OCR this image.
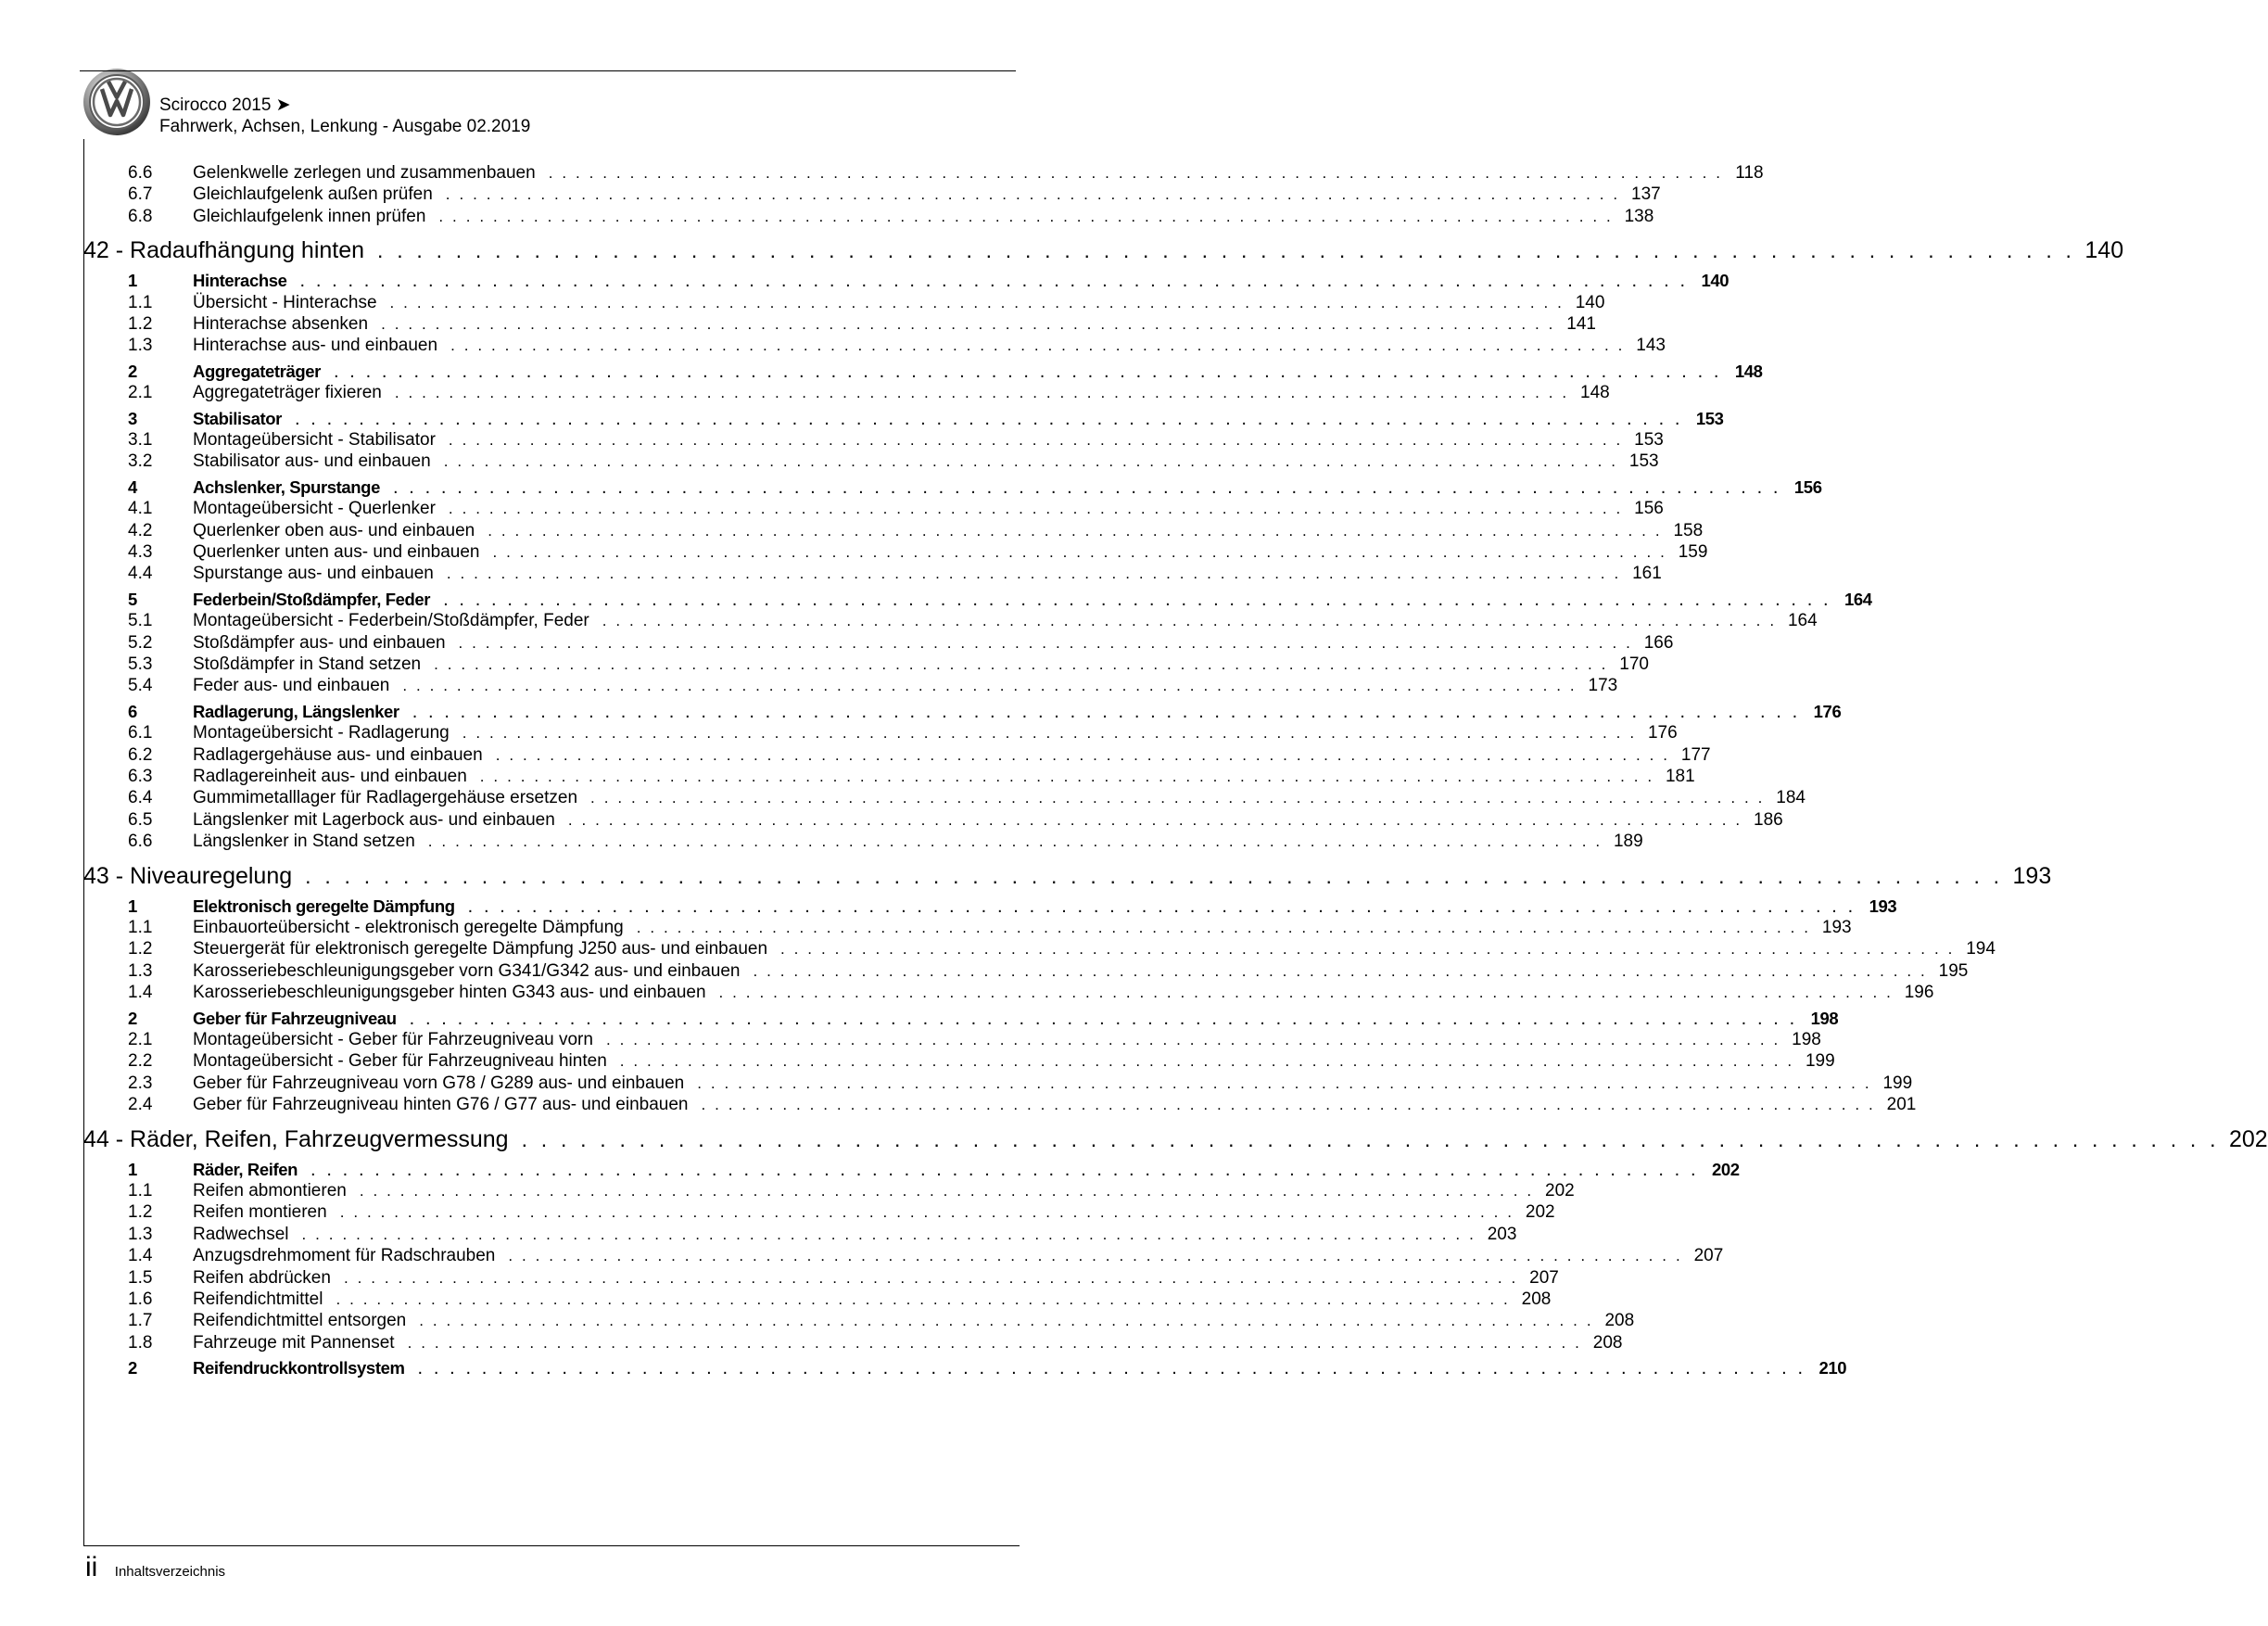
Scirocco 2015 ➤
Fahrwerk, Achsen, Lenkung - Ausgabe 02.2019
6.6 Gelenkwelle zerlegen und zusammenbauen . . . . . . . . . . . . . . . . . . . . . . . . . . . . . . . . . . . . . . . . . . . . . . . . . . . . . . . . . . . . . . . . . . . . . . . . . . . . . . . . . . . . . . . 118
6.7 Gleichlaufgelenk außen prüfen . . . . . . . . . . . . . . . . . . . . . . . . . . . . . . . . . . . . . . . . . . . . . . . . . . . . . . . . . . . . . . . . . . . . . . . . . . . . . . . . . . . . . . . 137
6.8 Gleichlaufgelenk innen prüfen . . . . . . . . . . . . . . . . . . . . . . . . . . . . . . . . . . . . . . . . . . . . . . . . . . . . . . . . . . . . . . . . . . . . . . . . . . . . . . . . . . . . . . . 138
42 - Radaufhängung hinten . . . . . . . . . . . . . . . . . . . . . . . . . . . . . . . . . . . . . . . . . . . . . . . . . . . . . . . . . . . . . . . . . . . . . . . . . . . . . . . . . . . . . . . 140
1	Hinterachse . . . . . . . . . . . . . . . . . . . . . . . . . . . . . . . . . . . . . . . . . . . . . . . . . . . . . . . . . . . . . . . . . . . . . . . . . . . . . . . . . . . . . . . 140
1.1 Übersicht - Hinterachse . . . . . . . . . . . . . . . . . . . . . . . . . . . . . . . . . . . . . . . . . . . . . . . . . . . . . . . . . . . . . . . . . . . . . . . . . . . . . . . . . . . . . . . 140
1.2 Hinterachse absenken . . . . . . . . . . . . . . . . . . . . . . . . . . . . . . . . . . . . . . . . . . . . . . . . . . . . . . . . . . . . . . . . . . . . . . . . . . . . . . . . . . . . . . . 141
1.3 Hinterachse aus- und einbauen . . . . . . . . . . . . . . . . . . . . . . . . . . . . . . . . . . . . . . . . . . . . . . . . . . . . . . . . . . . . . . . . . . . . . . . . . . . . . . . . . . . . . . . 143
2	Aggregateträger . . . . . . . . . . . . . . . . . . . . . . . . . . . . . . . . . . . . . . . . . . . . . . . . . . . . . . . . . . . . . . . . . . . . . . . . . . . . . . . . . . . . . . . 148
2.1 Aggregateträger fixieren . . . . . . . . . . . . . . . . . . . . . . . . . . . . . . . . . . . . . . . . . . . . . . . . . . . . . . . . . . . . . . . . . . . . . . . . . . . . . . . . . . . . . . . 148
3	Stabilisator . . . . . . . . . . . . . . . . . . . . . . . . . . . . . . . . . . . . . . . . . . . . . . . . . . . . . . . . . . . . . . . . . . . . . . . . . . . . . . . . . . . . . . . 153
3.1 Montageübersicht - Stabilisator . . . . . . . . . . . . . . . . . . . . . . . . . . . . . . . . . . . . . . . . . . . . . . . . . . . . . . . . . . . . . . . . . . . . . . . . . . . . . . . . . . . . . . . 153
3.2 Stabilisator aus- und einbauen . . . . . . . . . . . . . . . . . . . . . . . . . . . . . . . . . . . . . . . . . . . . . . . . . . . . . . . . . . . . . . . . . . . . . . . . . . . . . . . . . . . . . . . 153
4	Achslenker, Spurstange . . . . . . . . . . . . . . . . . . . . . . . . . . . . . . . . . . . . . . . . . . . . . . . . . . . . . . . . . . . . . . . . . . . . . . . . . . . . . . . . . . . . . . . 156
4.1 Montageübersicht - Querlenker . . . . . . . . . . . . . . . . . . . . . . . . . . . . . . . . . . . . . . . . . . . . . . . . . . . . . . . . . . . . . . . . . . . . . . . . . . . . . . . . . . . . . . . 156
4.2 Querlenker oben aus- und einbauen . . . . . . . . . . . . . . . . . . . . . . . . . . . . . . . . . . . . . . . . . . . . . . . . . . . . . . . . . . . . . . . . . . . . . . . . . . . . . . . . . . . . . . . 158
4.3 Querlenker unten aus- und einbauen . . . . . . . . . . . . . . . . . . . . . . . . . . . . . . . . . . . . . . . . . . . . . . . . . . . . . . . . . . . . . . . . . . . . . . . . . . . . . . . . . . . . . . . 159
4.4 Spurstange aus- und einbauen . . . . . . . . . . . . . . . . . . . . . . . . . . . . . . . . . . . . . . . . . . . . . . . . . . . . . . . . . . . . . . . . . . . . . . . . . . . . . . . . . . . . . . . 161
5	Federbein/Stoßdämpfer, Feder . . . . . . . . . . . . . . . . . . . . . . . . . . . . . . . . . . . . . . . . . . . . . . . . . . . . . . . . . . . . . . . . . . . . . . . . . . . . . . . . . . . . . . . 164
5.1 Montageübersicht - Federbein/Stoßdämpfer, Feder . . . . . . . . . . . . . . . . . . . . . . . . . . . . . . . . . . . . . . . . . . . . . . . . . . . . . . . . . . . . . . . . . . . . . . . . . . . . . . . . . . . . . . . 164
5.2 Stoßdämpfer aus- und einbauen . . . . . . . . . . . . . . . . . . . . . . . . . . . . . . . . . . . . . . . . . . . . . . . . . . . . . . . . . . . . . . . . . . . . . . . . . . . . . . . . . . . . . . . 166
5.3 Stoßdämpfer in Stand setzen . . . . . . . . . . . . . . . . . . . . . . . . . . . . . . . . . . . . . . . . . . . . . . . . . . . . . . . . . . . . . . . . . . . . . . . . . . . . . . . . . . . . . . . 170
5.4 Feder aus- und einbauen . . . . . . . . . . . . . . . . . . . . . . . . . . . . . . . . . . . . . . . . . . . . . . . . . . . . . . . . . . . . . . . . . . . . . . . . . . . . . . . . . . . . . . . 173
6	Radlagerung, Längslenker . . . . . . . . . . . . . . . . . . . . . . . . . . . . . . . . . . . . . . . . . . . . . . . . . . . . . . . . . . . . . . . . . . . . . . . . . . . . . . . . . . . . . . . 176
6.1 Montageübersicht - Radlagerung . . . . . . . . . . . . . . . . . . . . . . . . . . . . . . . . . . . . . . . . . . . . . . . . . . . . . . . . . . . . . . . . . . . . . . . . . . . . . . . . . . . . . . . 176
6.2 Radlagergehäuse aus- und einbauen . . . . . . . . . . . . . . . . . . . . . . . . . . . . . . . . . . . . . . . . . . . . . . . . . . . . . . . . . . . . . . . . . . . . . . . . . . . . . . . . . . . . . . . 177
6.3 Radlagereinheit aus- und einbauen . . . . . . . . . . . . . . . . . . . . . . . . . . . . . . . . . . . . . . . . . . . . . . . . . . . . . . . . . . . . . . . . . . . . . . . . . . . . . . . . . . . . . . . 181
6.4 Gummimetalllager für Radlagergehäuse ersetzen . . . . . . . . . . . . . . . . . . . . . . . . . . . . . . . . . . . . . . . . . . . . . . . . . . . . . . . . . . . . . . . . . . . . . . . . . . . . . . . . . . . . . . . 184
6.5 Längslenker mit Lagerbock aus- und einbauen . . . . . . . . . . . . . . . . . . . . . . . . . . . . . . . . . . . . . . . . . . . . . . . . . . . . . . . . . . . . . . . . . . . . . . . . . . . . . . . . . . . . . . . 186
6.6 Längslenker in Stand setzen . . . . . . . . . . . . . . . . . . . . . . . . . . . . . . . . . . . . . . . . . . . . . . . . . . . . . . . . . . . . . . . . . . . . . . . . . . . . . . . . . . . . . . . 189
43 - Niveauregelung . . . . . . . . . . . . . . . . . . . . . . . . . . . . . . . . . . . . . . . . . . . . . . . . . . . . . . . . . . . . . . . . . . . . . . . . . . . . . . . . . . . . . . . 193
1	Elektronisch geregelte Dämpfung . . . . . . . . . . . . . . . . . . . . . . . . . . . . . . . . . . . . . . . . . . . . . . . . . . . . . . . . . . . . . . . . . . . . . . . . . . . . . . . . . . . . . . . 193
1.1 Einbauorteübersicht - elektronisch geregelte Dämpfung . . . . . . . . . . . . . . . . . . . . . . . . . . . . . . . . . . . . . . . . . . . . . . . . . . . . . . . . . . . . . . . . . . . . . . . . . . . . . . . . . . . . . . . 193
1.2 Steuergerät für elektronisch geregelte Dämpfung J250 aus- und einbauen . . . . . . . . . . . . . . . . . . . . . . . . . . . . . . . . . . . . . . . . . . . . . . . . . . . . . . . . . . . . . . . . . . . . . . . . . . . . . . . . . . . . . . . 194
1.3 Karosseriebeschleunigungsgeber vorn G341/G342 aus- und einbauen . . . . . . . . . . . . . . . . . . . . . . . . . . . . . . . . . . . . . . . . . . . . . . . . . . . . . . . . . . . . . . . . . . . . . . . . . . . . . . . . . . . . . . . 195
1.4 Karosseriebeschleunigungsgeber hinten G343 aus- und einbauen . . . . . . . . . . . . . . . . . . . . . . . . . . . . . . . . . . . . . . . . . . . . . . . . . . . . . . . . . . . . . . . . . . . . . . . . . . . . . . . . . . . . . . . 196
2	Geber für Fahrzeugniveau . . . . . . . . . . . . . . . . . . . . . . . . . . . . . . . . . . . . . . . . . . . . . . . . . . . . . . . . . . . . . . . . . . . . . . . . . . . . . . . . . . . . . . . 198
2.1 Montageübersicht - Geber für Fahrzeugniveau vorn . . . . . . . . . . . . . . . . . . . . . . . . . . . . . . . . . . . . . . . . . . . . . . . . . . . . . . . . . . . . . . . . . . . . . . . . . . . . . . . . . . . . . . . 198
2.2 Montageübersicht - Geber für Fahrzeugniveau hinten . . . . . . . . . . . . . . . . . . . . . . . . . . . . . . . . . . . . . . . . . . . . . . . . . . . . . . . . . . . . . . . . . . . . . . . . . . . . . . . . . . . . . . . 199
2.3 Geber für Fahrzeugniveau vorn G78 / G289 aus- und einbauen . . . . . . . . . . . . . . . . . . . . . . . . . . . . . . . . . . . . . . . . . . . . . . . . . . . . . . . . . . . . . . . . . . . . . . . . . . . . . . . . . . . . . . . 199
2.4 Geber für Fahrzeugniveau hinten G76 / G77 aus- und einbauen . . . . . . . . . . . . . . . . . . . . . . . . . . . . . . . . . . . . . . . . . . . . . . . . . . . . . . . . . . . . . . . . . . . . . . . . . . . . . . . . . . . . . . . 201
44 - Räder, Reifen, Fahrzeugvermessung . . . . . . . . . . . . . . . . . . . . . . . . . . . . . . . . . . . . . . . . . . . . . . . . . . . . . . . . . . . . . . . . . . . . . . . . . . . . . . . . . . . . . . . 202
1	Räder, Reifen . . . . . . . . . . . . . . . . . . . . . . . . . . . . . . . . . . . . . . . . . . . . . . . . . . . . . . . . . . . . . . . . . . . . . . . . . . . . . . . . . . . . . . . 202
1.1 Reifen abmontieren . . . . . . . . . . . . . . . . . . . . . . . . . . . . . . . . . . . . . . . . . . . . . . . . . . . . . . . . . . . . . . . . . . . . . . . . . . . . . . . . . . . . . . . 202
1.2 Reifen montieren . . . . . . . . . . . . . . . . . . . . . . . . . . . . . . . . . . . . . . . . . . . . . . . . . . . . . . . . . . . . . . . . . . . . . . . . . . . . . . . . . . . . . . . 202
1.3 Radwechsel . . . . . . . . . . . . . . . . . . . . . . . . . . . . . . . . . . . . . . . . . . . . . . . . . . . . . . . . . . . . . . . . . . . . . . . . . . . . . . . . . . . . . . . 203
1.4 Anzugsdrehmoment für Radschrauben . . . . . . . . . . . . . . . . . . . . . . . . . . . . . . . . . . . . . . . . . . . . . . . . . . . . . . . . . . . . . . . . . . . . . . . . . . . . . . . . . . . . . . . 207
1.5 Reifen abdrücken . . . . . . . . . . . . . . . . . . . . . . . . . . . . . . . . . . . . . . . . . . . . . . . . . . . . . . . . . . . . . . . . . . . . . . . . . . . . . . . . . . . . . . . 207
1.6 Reifendichtmittel . . . . . . . . . . . . . . . . . . . . . . . . . . . . . . . . . . . . . . . . . . . . . . . . . . . . . . . . . . . . . . . . . . . . . . . . . . . . . . . . . . . . . . . 208
1.7 Reifendichtmittel entsorgen . . . . . . . . . . . . . . . . . . . . . . . . . . . . . . . . . . . . . . . . . . . . . . . . . . . . . . . . . . . . . . . . . . . . . . . . . . . . . . . . . . . . . . . 208
1.8 Fahrzeuge mit Pannenset . . . . . . . . . . . . . . . . . . . . . . . . . . . . . . . . . . . . . . . . . . . . . . . . . . . . . . . . . . . . . . . . . . . . . . . . . . . . . . . . . . . . . . . 208
2	Reifendruckkontrollsystem . . . . . . . . . . . . . . . . . . . . . . . . . . . . . . . . . . . . . . . . . . . . . . . . . . . . . . . . . . . . . . . . . . . . . . . . . . . . . . . . . . . . . . . 210
ii Inhaltsverzeichnis
